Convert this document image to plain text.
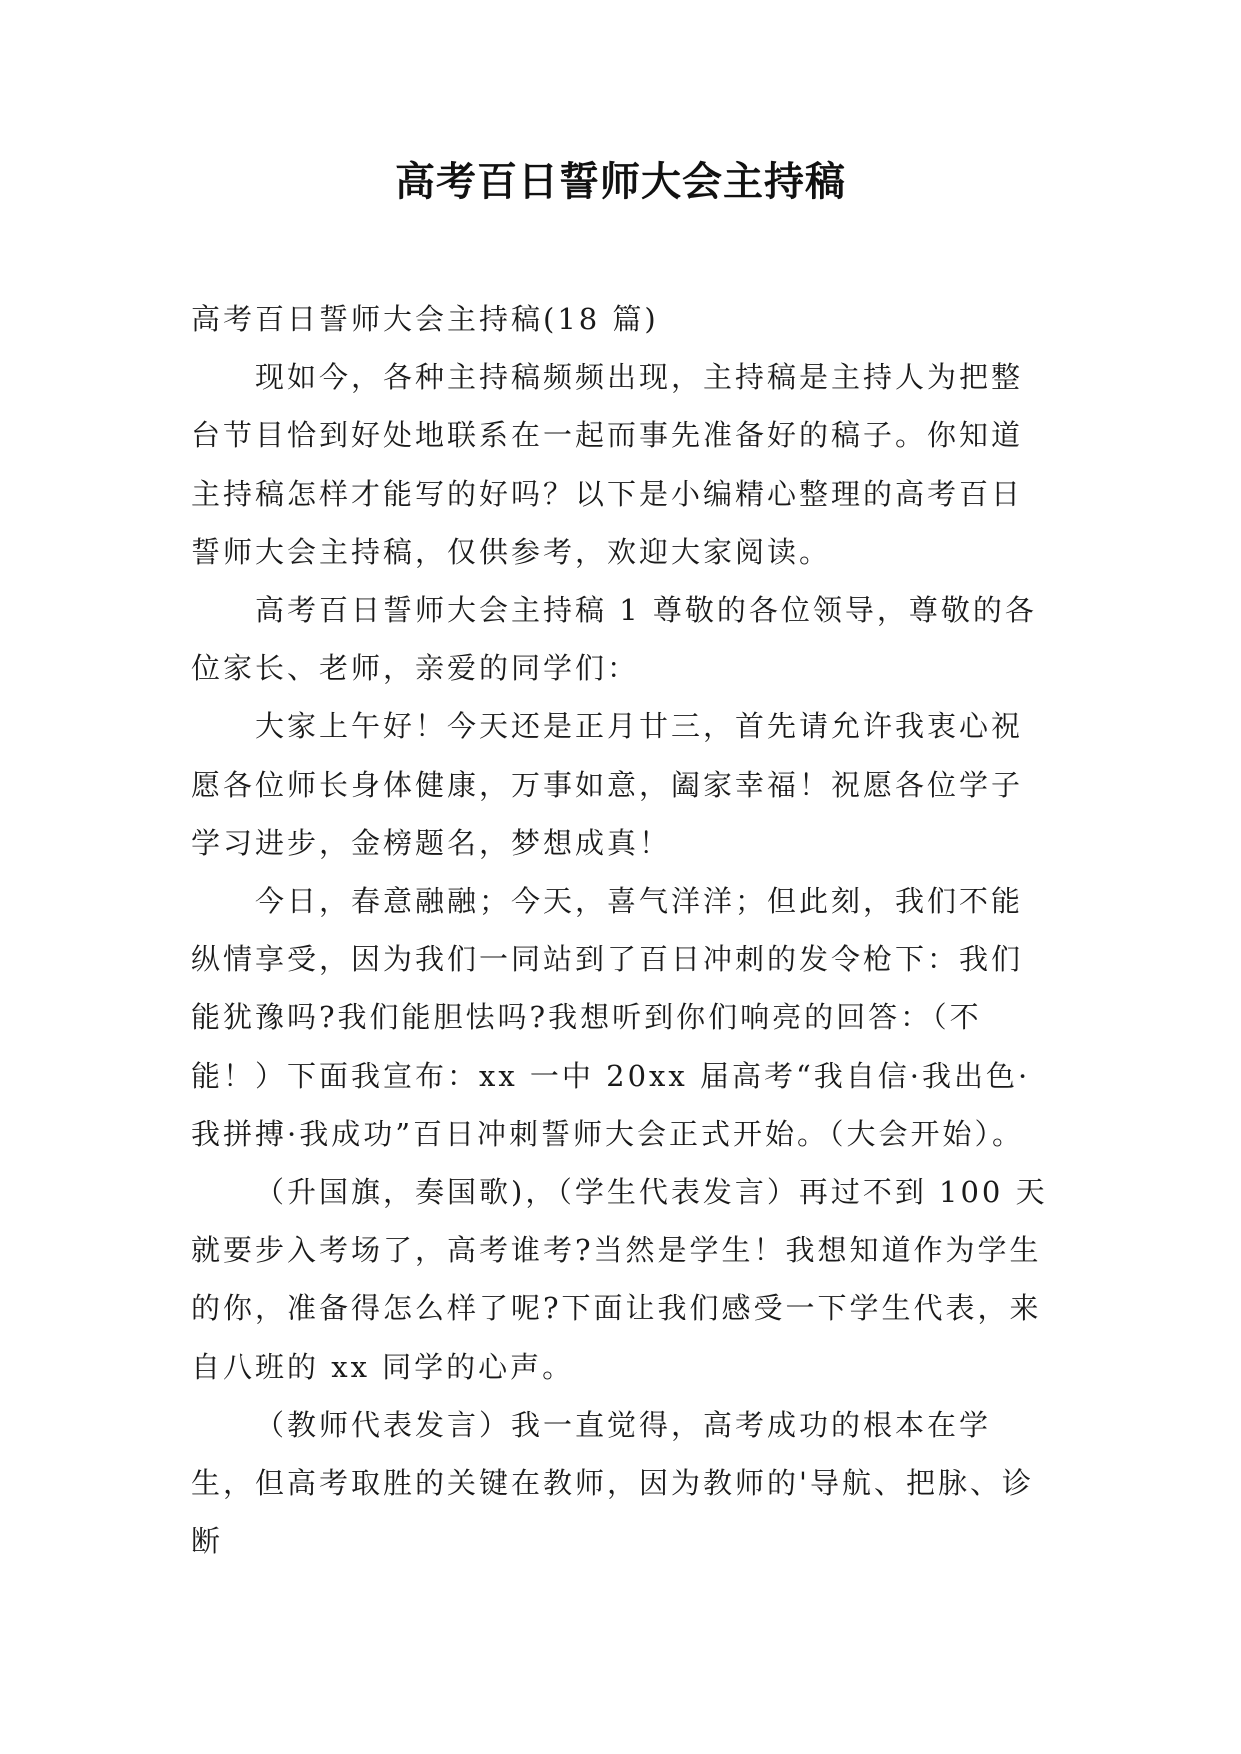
高考百日誓师大会主持稿

高考百日誓师大会主持稿(18 篇)

现如今，各种主持稿频频出现，主持稿是主持人为把整台节目恰到好处地联系在一起而事先准备好的稿子。你知道主持稿怎样才能写的好吗？以下是小编精心整理的高考百日誓师大会主持稿，仅供参考，欢迎大家阅读。

高考百日誓师大会主持稿 1 尊敬的各位领导，尊敬的各位家长、老师，亲爱的同学们：

大家上午好！今天还是正月廿三，首先请允许我衷心祝愿各位师长身体健康，万事如意，阖家幸福！祝愿各位学子学习进步，金榜题名，梦想成真！

今日，春意融融；今天，喜气洋洋；但此刻，我们不能纵情享受，因为我们一同站到了百日冲刺的发令枪下：我们能犹豫吗?我们能胆怯吗?我想听到你们响亮的回答：（不能！）下面我宣布：xx 一中 20xx 届高考“我自信·我出色·我拼搏·我成功”百日冲刺誓师大会正式开始。（大会开始）。

（升国旗，奏国歌)，（学生代表发言）再过不到 100 天就要步入考场了，高考谁考?当然是学生！我想知道作为学生的你，准备得怎么样了呢?下面让我们感受一下学生代表，来自八班的 xx 同学的心声。

（教师代表发言）我一直觉得，高考成功的根本在学生，但高考取胜的关键在教师，因为教师的'导航、把脉、诊断
